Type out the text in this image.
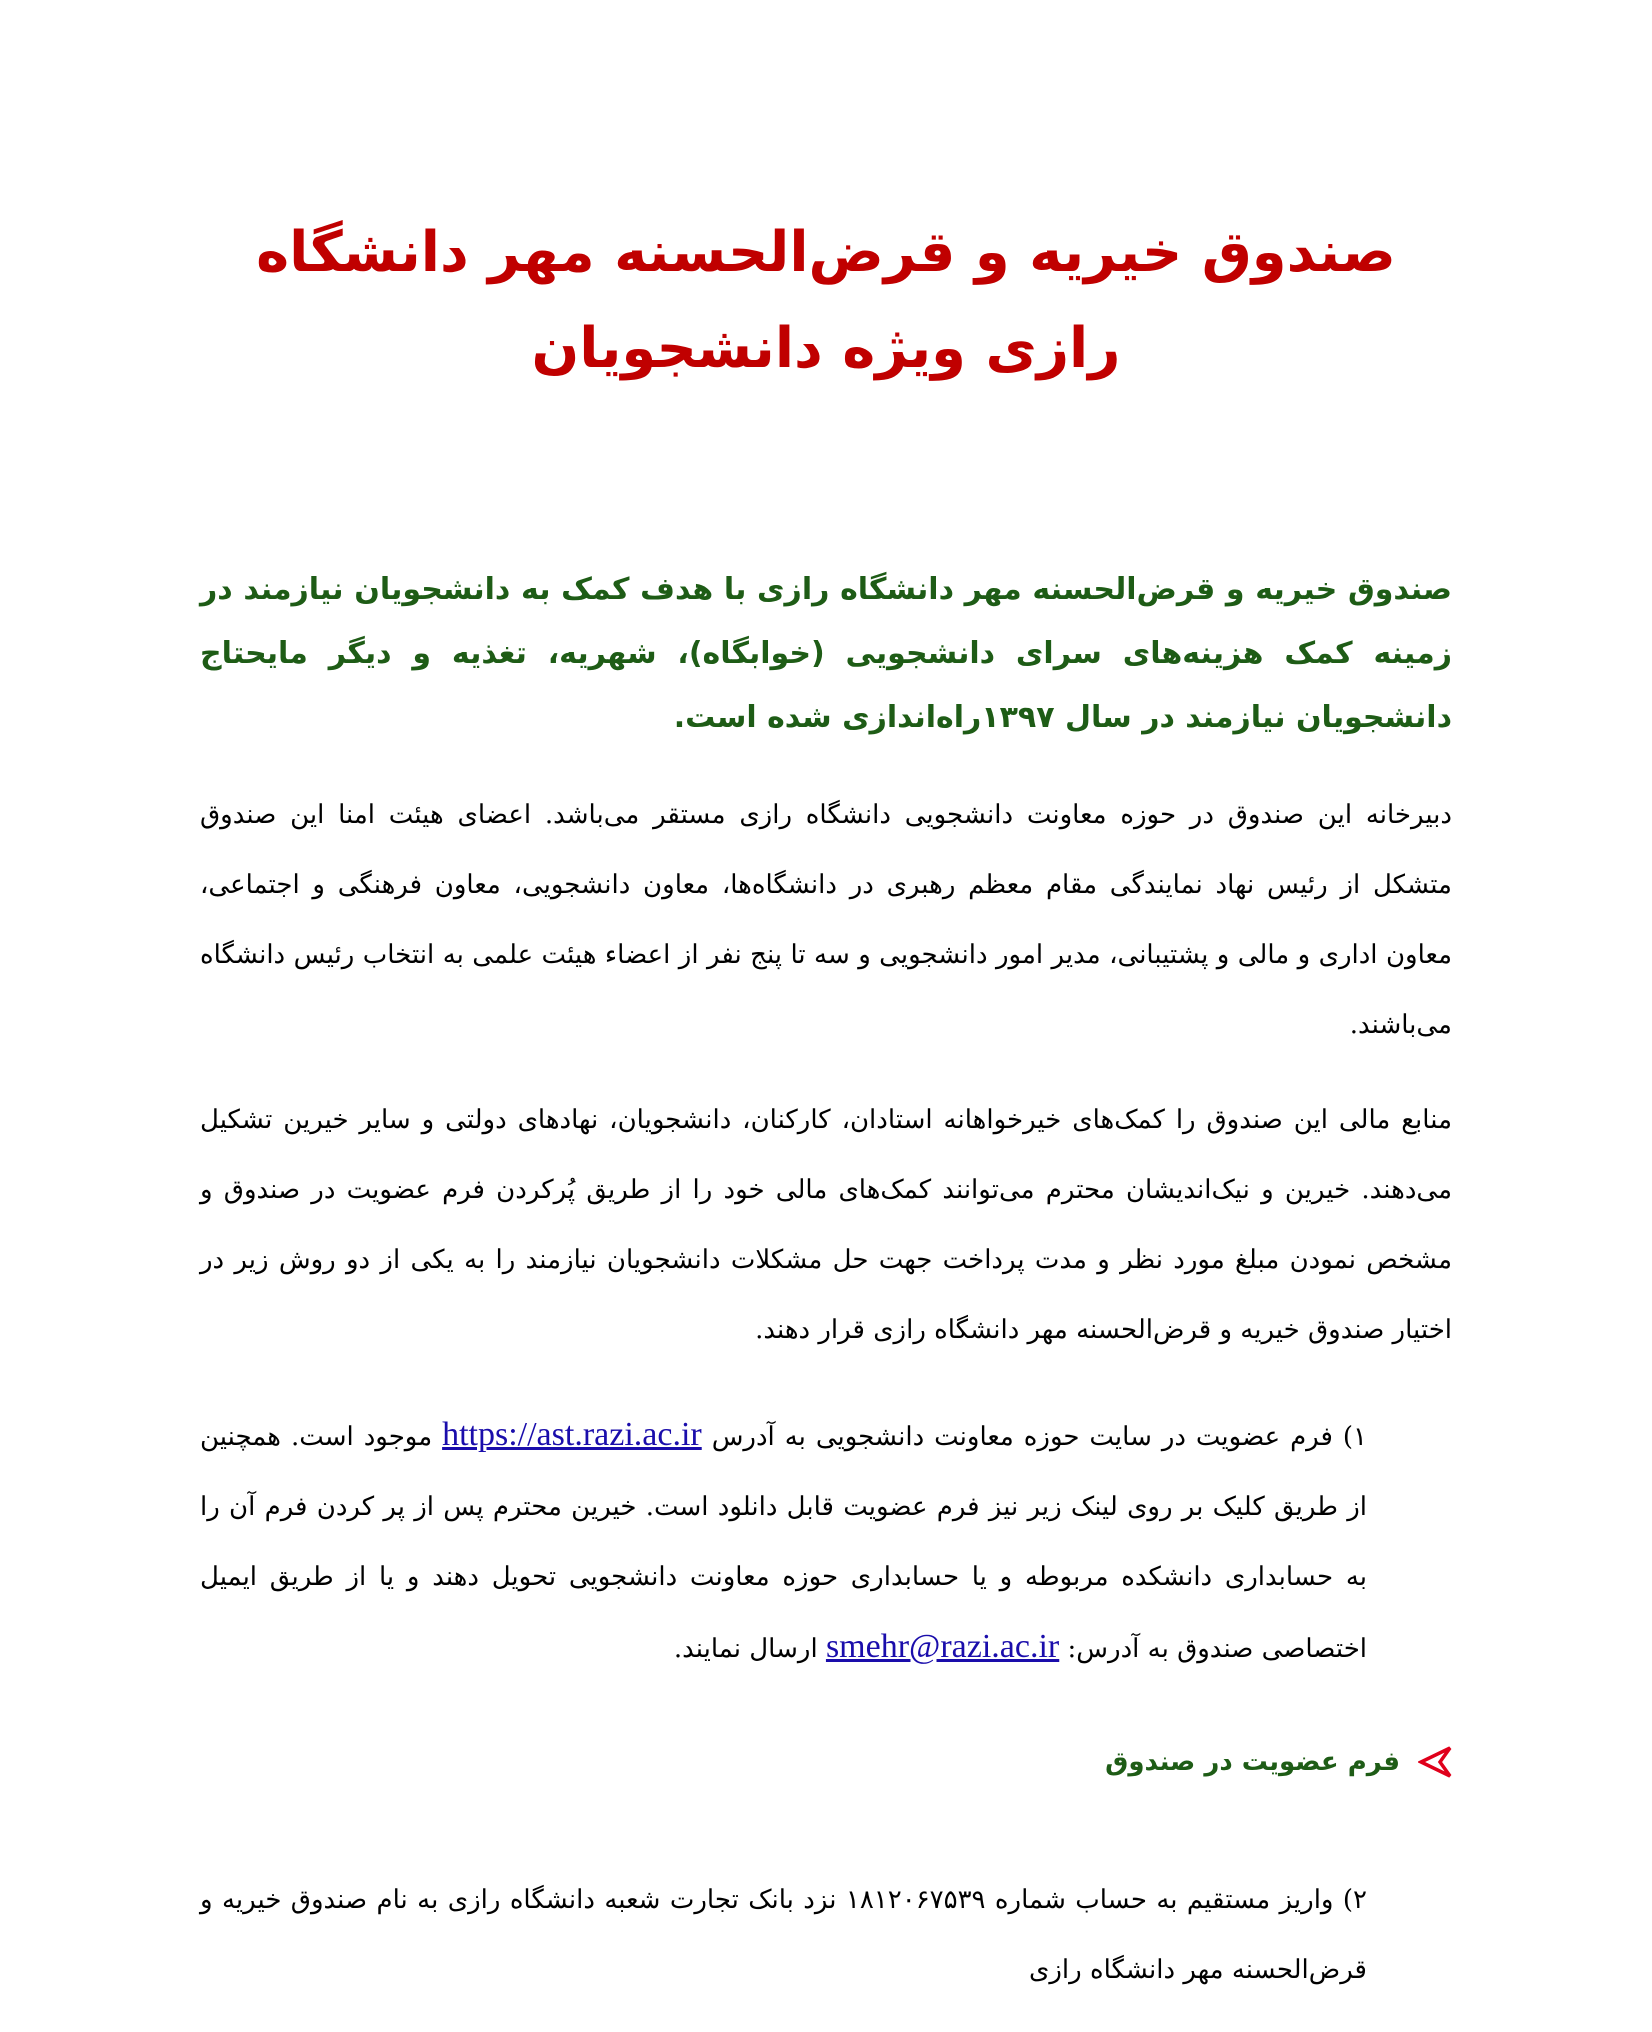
صندوق خیریه و قرض‌الحسنه مهر دانشگاه رازی ویژه دانشجویان

صندوق خیریه و قرض‌الحسنه مهر دانشگاه رازی با هدف کمک به دانشجویان نیازمند در زمینه کمک هزینه‌های سرای دانشجویی (خوابگاه)، شهریه، تغذیه و دیگر مایحتاج دانشجویان نیازمند در سال ۱۳۹۷راه‌اندازی شده است.

دبیرخانه این صندوق در حوزه معاونت دانشجویی دانشگاه رازی مستقر می‌باشد. اعضای هیئت امنا این صندوق متشکل از رئیس نهاد نمایندگی مقام معظم رهبری در دانشگاه‌ها، معاون دانشجویی، معاون فرهنگی و اجتماعی، معاون اداری و مالی و پشتیبانی، مدیر امور دانشجویی و سه تا پنج نفر از اعضاء هیئت علمی به انتخاب رئیس دانشگاه می‌باشند.

منابع مالی این صندوق را کمک‌های خیرخواهانه استادان، کارکنان، دانشجویان، نهادهای دولتی و سایر خیرین تشکیل می‌دهند. خیرین و نیک‌اندیشان محترم می‌توانند کمک‌های مالی خود را از طریق پُرکردن فرم عضویت در صندوق و مشخص نمودن مبلغ مورد نظر و مدت پرداخت جهت حل مشکلات دانشجویان نیازمند را به یکی از دو روش زیر در اختیار صندوق خیریه و قرض‌الحسنه مهر دانشگاه رازی قرار دهند.

۱) فرم عضویت در سایت حوزه معاونت دانشجویی به آدرس https://ast.razi.ac.ir موجود است. همچنین از طریق کلیک بر روی لینک زیر نیز فرم عضویت قابل دانلود است. خیرین محترم پس از پر کردن فرم آن را به حسابداری دانشکده مربوطه و یا حسابداری حوزه معاونت دانشجویی تحویل دهند و یا از طریق ایمیل اختصاصی صندوق به آدرس: smehr@razi.ac.ir ارسال نمایند.

فرم عضویت در صندوق

۲) واریز مستقیم به حساب شماره ۱۸۱۲۰۶۷۵۳۹ نزد بانک تجارت شعبه دانشگاه رازی به نام صندوق خیریه و قرض‌الحسنه مهر دانشگاه رازی
